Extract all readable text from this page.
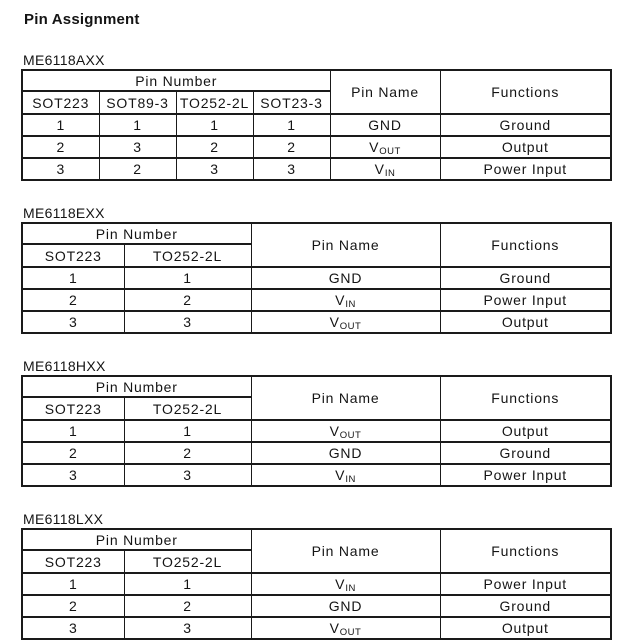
Pin Assignment
ME6118AXX
Pin Number				Pin Name	Functions
SOT223	SOT89-3	TO252-2L	SOT23-3		
1	1	1	1	GND	Ground
2	3	2	2	VOUT	Output
3	2	3	3	VIN	Power Input
ME6118EXX
Pin Number		Pin Name	Functions
SOT223	TO252-2L		
1	1	GND	Ground
2	2	VIN	Power Input
3	3	VOUT	Output
ME6118HXX
Pin Number		Pin Name	Functions
SOT223	TO252-2L		
1	1	VOUT	Output
2	2	GND	Ground
3	3	VIN	Power Input
ME6118LXX
Pin Number		Pin Name	Functions
SOT223	TO252-2L		
1	1	VIN	Power Input
2	2	GND	Ground
3	3	VOUT	Output
